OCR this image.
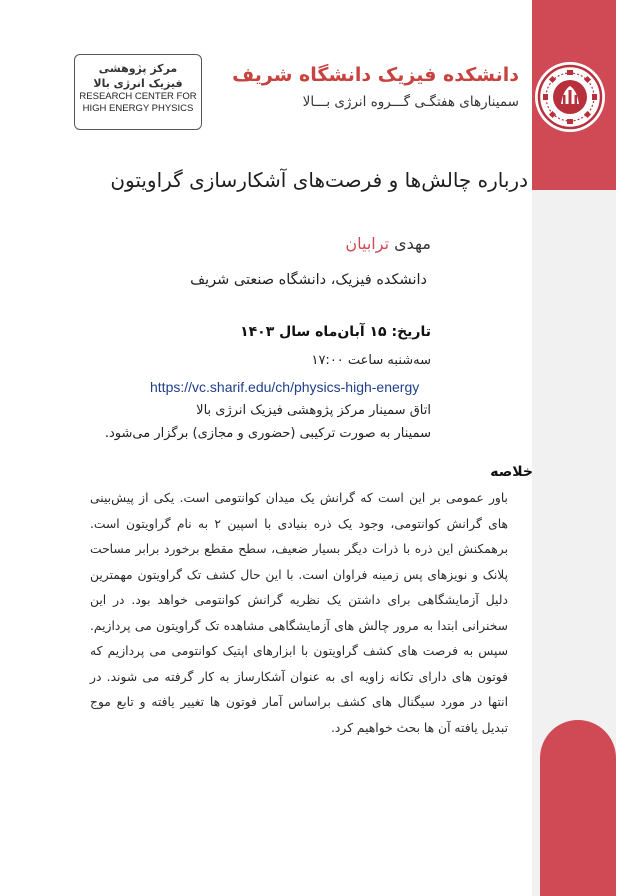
مرکز پژوهشی
فیزیک انرژی بالا
RESEARCH CENTER FOR
HIGH ENERGY PHYSICS
دانشکده فیزیک دانشگاه شریف
سمینارهای هفتگـی گـــروه انرژی بـــالا
درباره چالش‌ها و فرصت‌های آشکارسازی گراویتون
مهدی ترابیان
دانشکده فیزیک، دانشگاه صنعتی شریف
تاریخ: ۱۵ آبان‌ماه سال ۱۴۰۳
سه‌شنبه ساعت ۱۷:۰۰
https://vc.sharif.edu/ch/physics-high-energy
اتاق سمینار مرکز پژوهشی فیزیک انرژی بالا
سمینار به صورت ترکیبی (حضوری و مجازی) برگزار می‌شود.
خلاصه
باور عمومی بر این است که گرانش یک میدان کوانتومی است. یکی از پیش‌بینی های گرانش کوانتومی، وجود یک ذره بنیادی با اسپین ۲ به نام گراویتون است. برهمکنش این ذره با ذرات دیگر بسیار ضعیف، سطح مقطع برخورد برابر مساحت پلانک و نویزهای پس زمینه فراوان است. با این حال کشف تک گراویتون مهمترین دلیل آزمایشگاهی برای داشتن یک نظریه گرانش کوانتومی خواهد بود. در این سخنرانی ابتدا به مرور چالش های آزمایشگاهی مشاهده تک گراویتون می پردازیم. سپس به فرصت های کشف گراویتون با ابزارهای اپتیک کوانتومی می پردازیم که فوتون های دارای تکانه زاویه ای به عنوان آشکارساز به کار گرفته می شوند. در انتها در مورد سیگنال های کشف براساس آمار فوتون ها تغییر یافته و تابع موج تبدیل یافته آن ها بحث خواهیم کرد.
